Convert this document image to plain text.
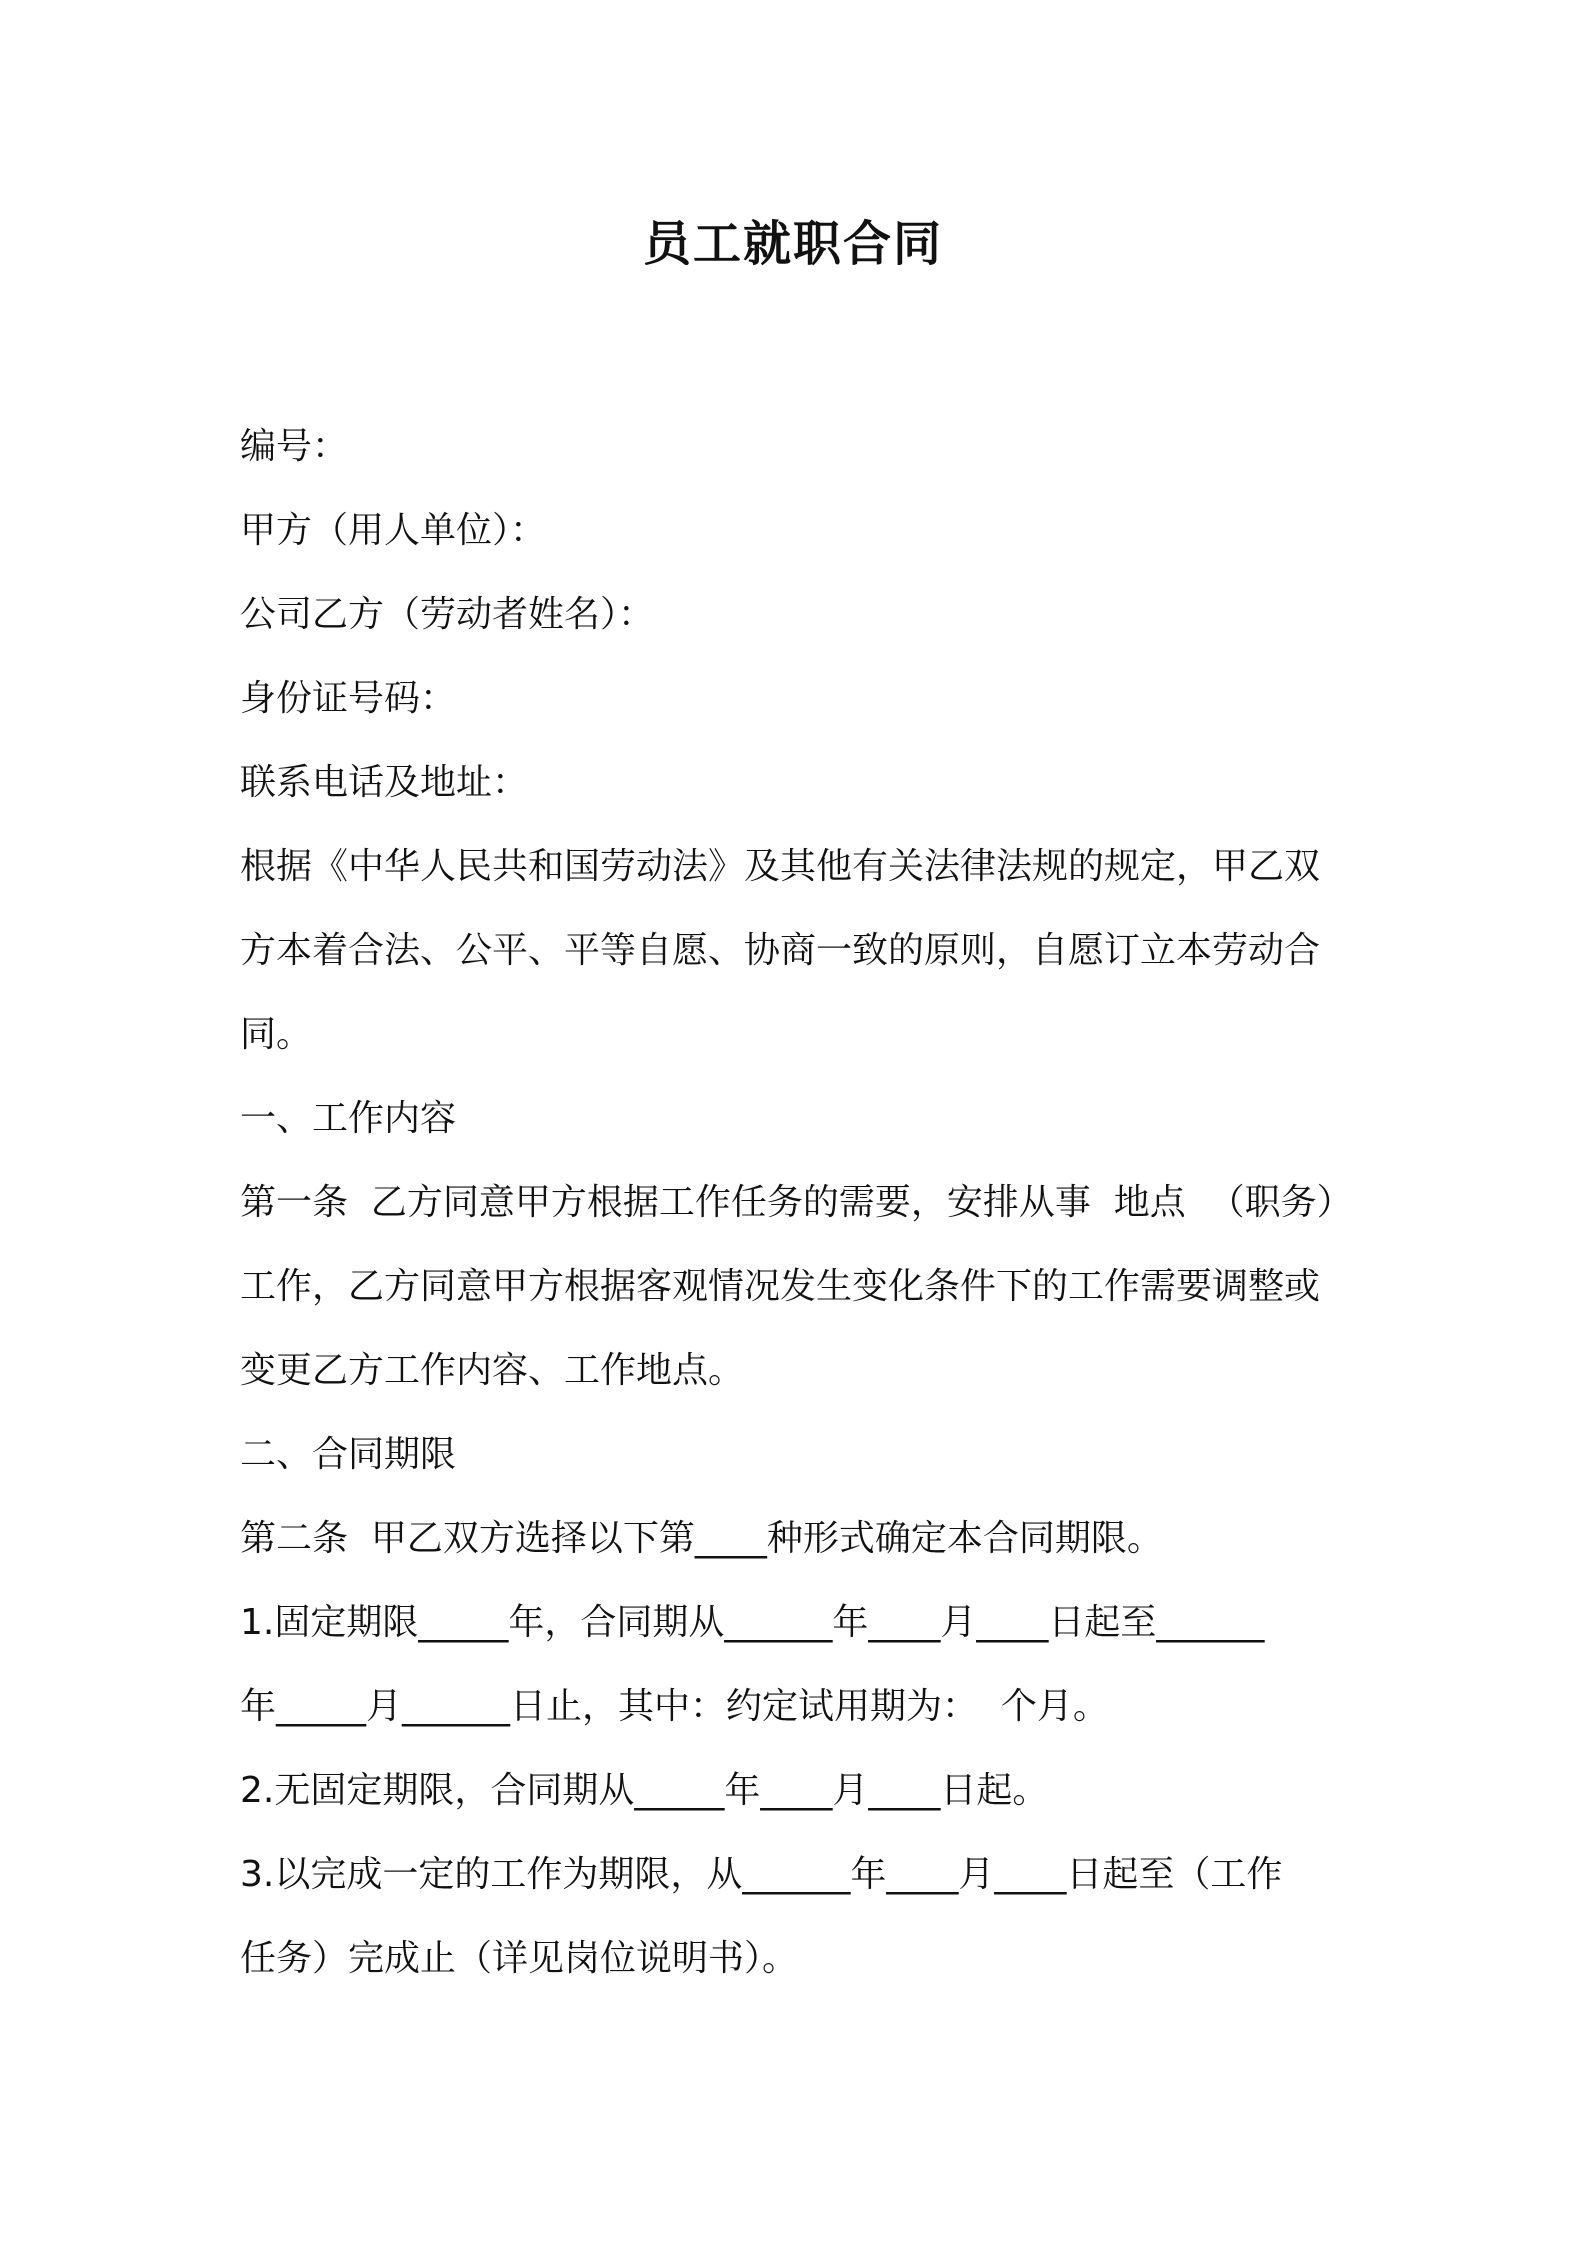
员工就职合同
编号：
甲方（用人单位）：
公司乙方（劳动者姓名）：
身份证号码：
联系电话及地址：
根据《中华人民共和国劳动法》及其他有关法律法规的规定，甲乙双
方本着合法、公平、平等自愿、协商一致的原则，自愿订立本劳动合
同。
一、工作内容
第一条  乙方同意甲方根据工作任务的需要，安排从事  地点  （职务）
工作，乙方同意甲方根据客观情况发生变化条件下的工作需要调整或
变更乙方工作内容、工作地点。
二、合同期限
第二条  甲乙双方选择以下第____种形式确定本合同期限。
1.固定期限_____年，合同期从______年____月____日起至______
年_____月______日止，其中：约定试用期为：  个月。
2.无固定期限，合同期从_____年____月____日起。
3.以完成一定的工作为期限，从______年____月____日起至（工作
任务）完成止（详见岗位说明书）。
